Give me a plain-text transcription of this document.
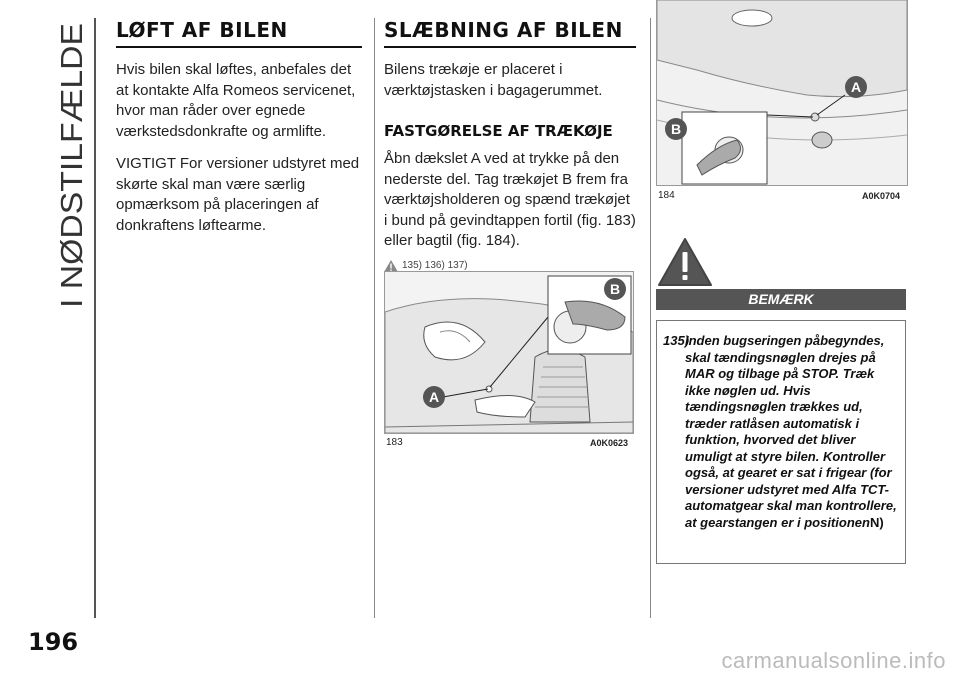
I NØDSTILFÆLDE
LØFT AF BILEN

Hvis bilen skal løftes, anbefales det at kontakte Alfa Romeos servicenet, hvor man råder over egnede værkstedsdonkrafte og armlifte.

VIGTIGT For versioner udstyret med skørte skal man være særlig opmærksom på placeringen af donkraftens løftearme.

SLÆBNING AF BILEN

Bilens trækøje er placeret i værktøjstasken i bagagerummet.

FASTGØRELSE AF TRÆKØJE

Åbn dækslet A ved at trykke på den nederste del. Tag trækøjet B frem fra værktøjsholderen og spænd trækøjet i bund på gevindtappen fortil (fig. 183) eller bagtil (fig. 184).

135) 136) 137)
A
B
183	A0K0623
A
B
184	A0K0704
BEMÆRK
135)
Inden bugseringen påbegyndes, skal tændingsnøglen drejes på MAR og tilbage på STOP. Træk ikke nøglen ud. Hvis tændingsnøglen trækkes ud, træder ratlåsen automatisk i funktion, hvorved det bliver umuligt at styre bilen. Kontroller også, at gearet er sat i frigear (for versioner udstyret med Alfa TCT-automatgear skal man kontrollere, at gearstangen er i positionenN)
196
carmanualsonline.info
